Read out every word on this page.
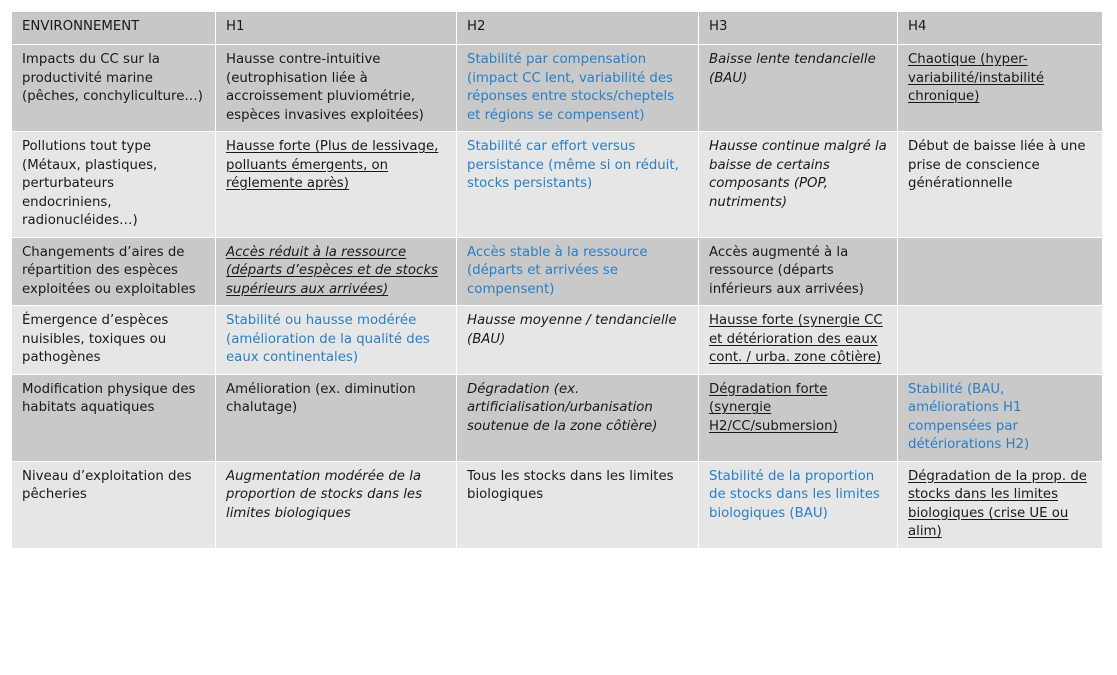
ENVIRONNEMENT	H1	H2	H3	H4
Impacts du CC sur la productivité marine (pêches, conchyliculture…)	Hausse contre-intuitive (eutrophisation liée à accroissement pluviométrie, espèces invasives exploitées)	Stabilité par compensation (impact CC lent, variabilité des réponses entre stocks/cheptels et régions se compensent)	Baisse lente tendancielle (BAU)	Chaotique (hyper-variabilité/instabilité chronique)
Pollutions tout type (Métaux, plastiques, perturbateurs endocriniens, radionucléides…)	Hausse forte (Plus de lessivage, polluants émergents, on réglemente après)	Stabilité car effort versus persistance (même si on réduit, stocks persistants)	Hausse continue malgré la baisse de certains composants (POP, nutriments)	Début de baisse liée à une prise de conscience générationnelle
Changements d’aires de répartition des espèces exploitées ou exploitables	Accès réduit à la ressource (départs d’espèces et de stocks supérieurs aux arrivées)	Accès stable à la ressource (départs et arrivées se compensent)	Accès augmenté à la ressource (départs inférieurs aux arrivées)	
Émergence d’espèces nuisibles, toxiques ou pathogènes	Stabilité ou hausse modérée (amélioration de la qualité des eaux continentales)	Hausse moyenne / tendancielle (BAU)	Hausse forte (synergie CC et détérioration des eaux cont. / urba. zone côtière)	
Modification physique des habitats aquatiques	Amélioration (ex. diminution chalutage)	Dégradation (ex. artificialisation/urbanisation soutenue de la zone côtière)	Dégradation forte (synergie H2/CC/submersion)	Stabilité (BAU, améliorations H1 compensées par détériorations H2)
Niveau d’exploitation des pêcheries	Augmentation modérée de la proportion de stocks dans les limites biologiques	Tous les stocks dans les limites biologiques	Stabilité de la proportion de stocks dans les limites biologiques (BAU)	Dégradation de la prop. de stocks dans les limites biologiques (crise UE ou alim)
